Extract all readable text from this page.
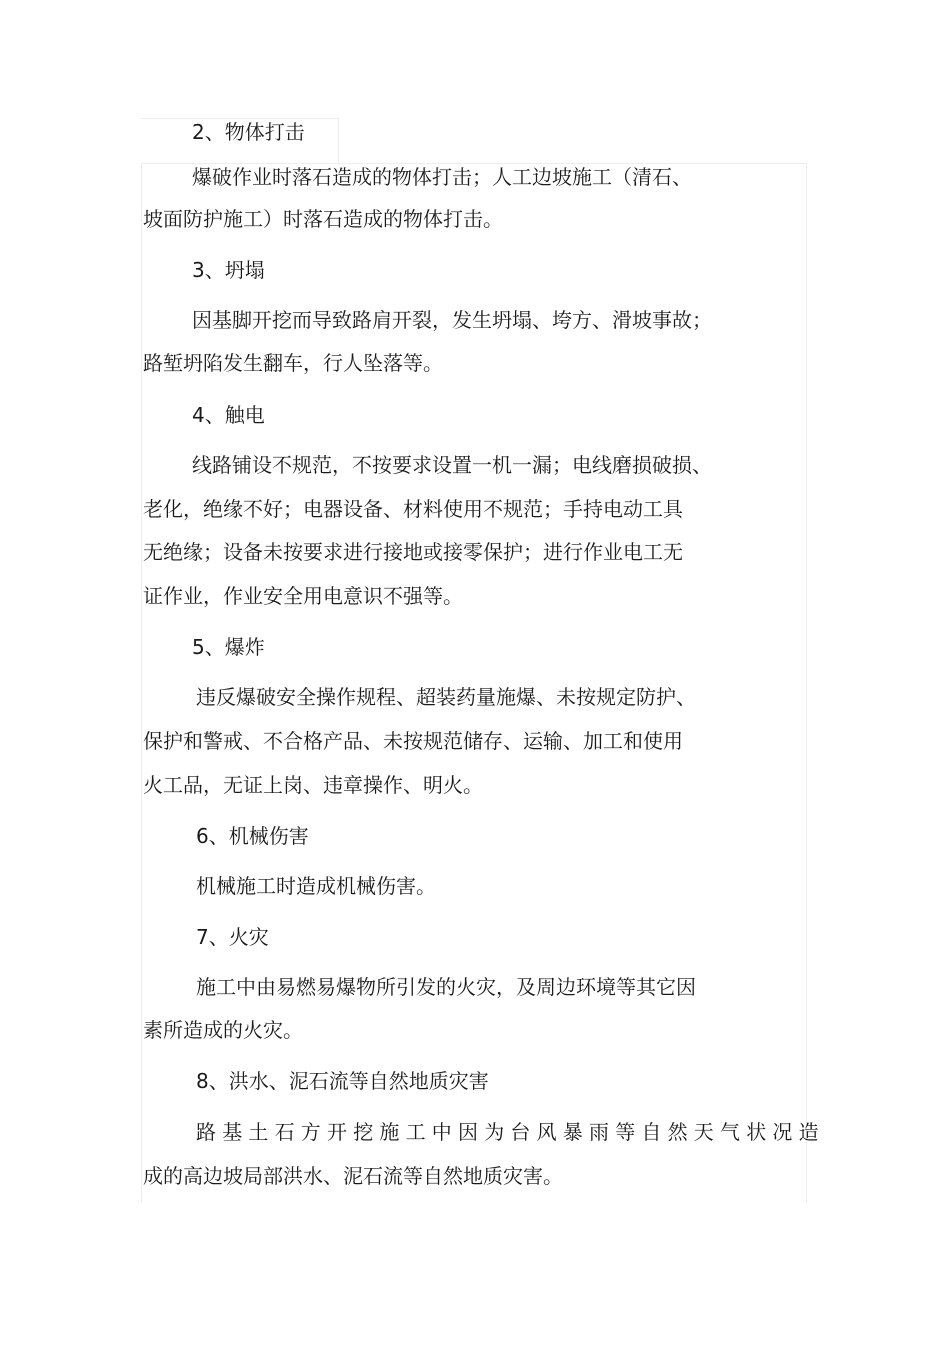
2、物体打击

爆破作业时落石造成的物体打击；人工边坡施工（清石、

坡面防护施工）时落石造成的物体打击。

3、坍塌

因基脚开挖而导致路肩开裂，发生坍塌、垮方、滑坡事故；

路堑坍陷发生翻车，行人坠落等。

4、触电

线路铺设不规范，不按要求设置一机一漏；电线磨损破损、

老化，绝缘不好；电器设备、材料使用不规范；手持电动工具

无绝缘；设备未按要求进行接地或接零保护；进行作业电工无

证作业，作业安全用电意识不强等。

5、爆炸

违反爆破安全操作规程、超装药量施爆、未按规定防护、

保护和警戒、不合格产品、未按规范储存、运输、加工和使用

火工品，无证上岗、违章操作、明火。

6、机械伤害

机械施工时造成机械伤害。

7、火灾

施工中由易燃易爆物所引发的火灾，及周边环境等其它因

素所造成的火灾。

8、洪水、泥石流等自然地质灾害

路基土石方开挖施工中因为台风暴雨等自然天气状况造

成的高边坡局部洪水、泥石流等自然地质灾害。
